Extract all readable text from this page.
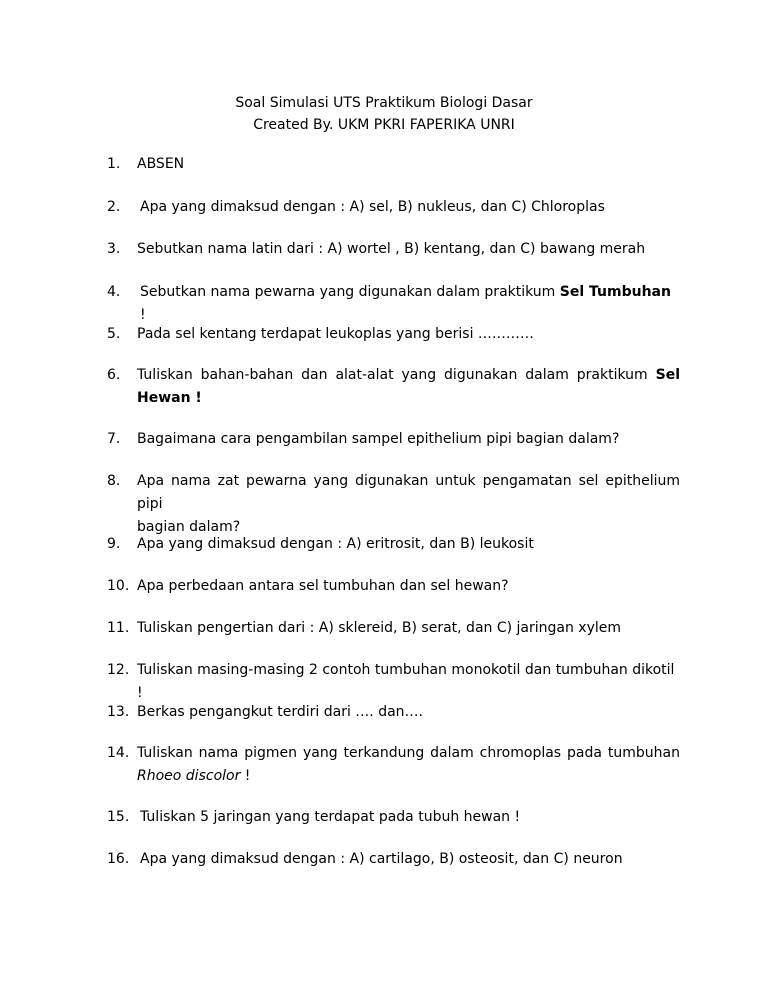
Soal Simulasi UTS Praktikum Biologi Dasar
Created By. UKM PKRI FAPERIKA UNRI
1.	ABSEN
2.	Apa yang dimaksud dengan : A) sel, B) nukleus, dan C) Chloroplas
3.	Sebutkan nama latin dari : A) wortel , B) kentang, dan C) bawang merah
4.	Sebutkan nama pewarna yang digunakan dalam praktikum Sel Tumbuhan !
5.	Pada sel kentang terdapat leukoplas yang berisi …………
6. Tuliskan bahan-bahan dan alat-alat yang digunakan dalam praktikum Sel
Hewan !
7.	Bagaimana cara pengambilan sampel epithelium pipi bagian dalam?
8. Apa nama zat pewarna yang digunakan untuk pengamatan sel epithelium pipi
bagian dalam?
9.	Apa yang dimaksud dengan : A) eritrosit, dan B) leukosit
10. Apa perbedaan antara sel tumbuhan dan sel hewan?
11. Tuliskan pengertian dari : A) sklereid, B) serat, dan C) jaringan xylem
12. Tuliskan masing-masing 2 contoh tumbuhan monokotil dan tumbuhan dikotil !
13. Berkas pengangkut terdiri dari …. dan….
14. Tuliskan nama pigmen yang terkandung dalam chromoplas pada tumbuhan
Rhoeo discolor !
15. Tuliskan 5 jaringan yang terdapat pada tubuh hewan !
16. Apa yang dimaksud dengan : A) cartilago, B) osteosit, dan C) neuron
